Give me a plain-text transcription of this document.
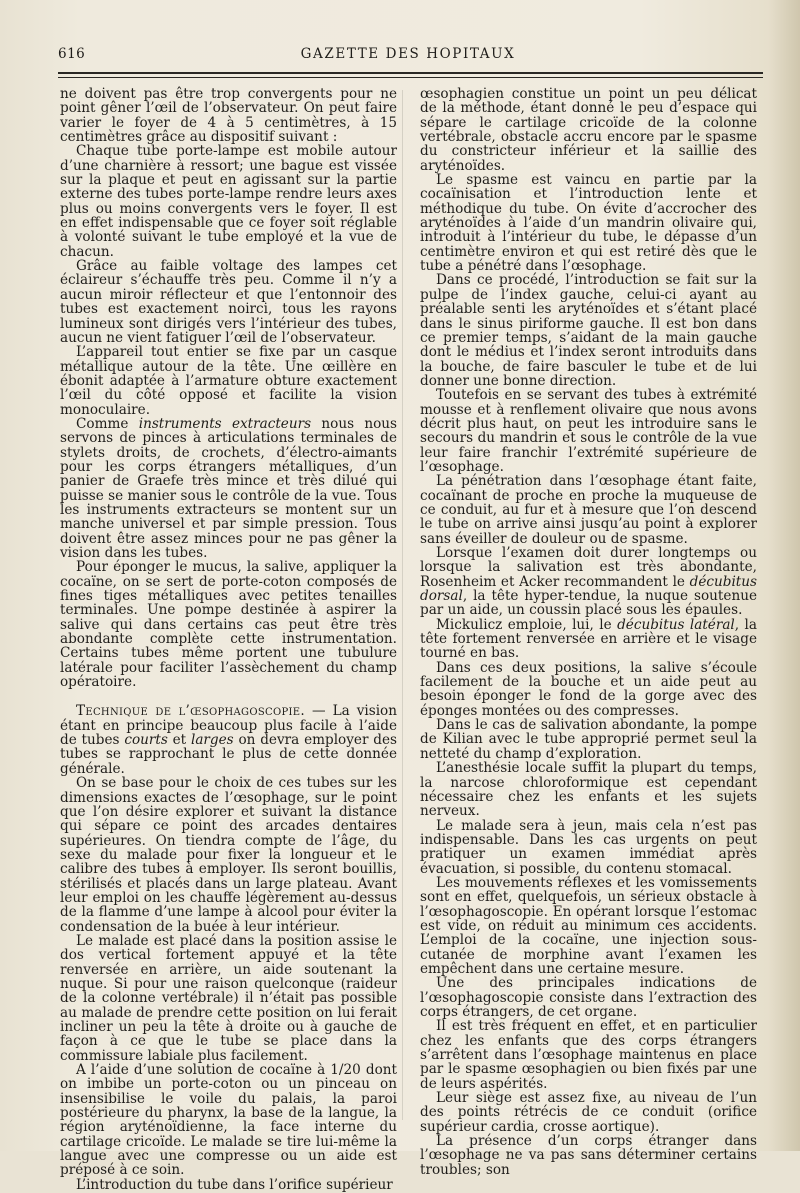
616	GAZETTE DES HOPITAUX

ne doivent pas être trop convergents pour ne point gêner l’œil de l’observateur. On peut faire varier le foyer de 4 à 5 centimètres, à 15 centimètres grâce au dispositif suivant :

Chaque tube porte-lampe est mobile autour d’une charnière à ressort; une bague est vissée sur la plaque et peut en agissant sur la partie externe des tubes porte-lampe rendre leurs axes plus ou moins convergents vers le foyer. Il est en effet indispensable que ce foyer soit réglable à volonté suivant le tube employé et la vue de chacun.

Grâce au faible voltage des lampes cet éclaireur s’échauffe très peu. Comme il n’y a aucun miroir réflecteur et que l’entonnoir des tubes est exactement noirci, tous les rayons lumineux sont dirigés vers l’intérieur des tubes, aucun ne vient fatiguer l’œil de l’observateur.

L’appareil tout entier se fixe par un casque métallique autour de la tête. Une œillère en ébonit adaptée à l’armature obture exactement l’œil du côté opposé et facilite la vision monoculaire.

Comme instruments extracteurs nous nous servons de pinces à articulations terminales de stylets droits, de crochets, d’électro-aimants pour les corps étrangers métalliques, d’un panier de Graefe très mince et très dilué qui puisse se manier sous le contrôle de la vue. Tous les instruments extracteurs se montent sur un manche universel et par simple pression. Tous doivent être assez minces pour ne pas gêner la vision dans les tubes.

Pour éponger le mucus, la salive, appliquer la cocaïne, on se sert de porte-coton composés de fines tiges métalliques avec petites tenailles terminales. Une pompe destinée à aspirer la salive qui dans certains cas peut être très abondante complète cette instrumentation. Certains tubes même portent une tubulure latérale pour faciliter l’assèchement du champ opératoire.

Technique de l’œsophagoscopie. — La vision étant en principe beaucoup plus facile à l’aide de tubes courts et larges on devra employer des tubes se rapprochant le plus de cette donnée générale.

On se base pour le choix de ces tubes sur les dimensions exactes de l’œsophage, sur le point que l’on désire explorer et suivant la distance qui sépare ce point des arcades dentaires supérieures. On tiendra compte de l’âge, du sexe du malade pour fixer la longueur et le calibre des tubes à employer. Ils seront bouillis, stérilisés et placés dans un large plateau. Avant leur emploi on les chauffe légèrement au-dessus de la flamme d’une lampe à alcool pour éviter la condensation de la buée à leur intérieur.

Le malade est placé dans la position assise le dos vertical fortement appuyé et la tête renversée en arrière, un aide soutenant la nuque. Si pour une raison quelconque (raideur de la colonne vertébrale) il n’était pas possible au malade de prendre cette position on lui ferait incliner un peu la tête à droite ou à gauche de façon à ce que le tube se place dans la commissure labiale plus facilement.

A l’aide d’une solution de cocaïne à 1/20 dont on imbibe un porte-coton ou un pinceau on insensibilise le voile du palais, la paroi postérieure du pharynx, la base de la langue, la région aryténoïdienne, la face interne du cartilage cricoïde. Le malade se tire lui-même la langue avec une compresse ou un aide est préposé à ce soin.

L’introduction du tube dans l’orifice supérieur

œsophagien constitue un point un peu délicat de la méthode, étant donné le peu d’espace qui sépare le cartilage cricoïde de la colonne vertébrale, obstacle accru encore par le spasme du constricteur inférieur et la saillie des aryténoïdes.

Le spasme est vaincu en partie par la cocaïnisation et l’introduction lente et méthodique du tube. On évite d’accrocher des aryténoïdes à l’aide d’un mandrin olivaire qui, introduit à l’intérieur du tube, le dépasse d’un centimètre environ et qui est retiré dès que le tube a pénétré dans l’œsophage.

Dans ce procédé, l’introduction se fait sur la pulpe de l’index gauche, celui-ci ayant au préalable senti les aryténoïdes et s’étant placé dans le sinus piriforme gauche. Il est bon dans ce premier temps, s’aidant de la main gauche dont le médius et l’index seront introduits dans la bouche, de faire basculer le tube et de lui donner une bonne direction.

Toutefois en se servant des tubes à extrémité mousse et à renflement olivaire que nous avons décrit plus haut, on peut les introduire sans le secours du mandrin et sous le contrôle de la vue leur faire franchir l’extrémité supérieure de l’œsophage.

La pénétration dans l’œsophage étant faite, cocaïnant de proche en proche la muqueuse de ce conduit, au fur et à mesure que l’on descend le tube on arrive ainsi jusqu’au point à explorer sans éveiller de douleur ou de spasme.

Lorsque l’examen doit durer longtemps ou lorsque la salivation est très abondante, Rosenheim et Acker recommandent le décubitus dorsal, la tête hyper-tendue, la nuque soutenue par un aide, un coussin placé sous les épaules.

Mickulicz emploie, lui, le décubitus latéral, la tête fortement renversée en arrière et le visage tourné en bas.

Dans ces deux positions, la salive s’écoule facilement de la bouche et un aide peut au besoin éponger le fond de la gorge avec des éponges montées ou des compresses.

Dans le cas de salivation abondante, la pompe de Kilian avec le tube approprié permet seul la netteté du champ d’exploration.

L’anesthésie locale suffit la plupart du temps, la narcose chloroformique est cependant nécessaire chez les enfants et les sujets nerveux.

Le malade sera à jeun, mais cela n’est pas indispensable. Dans les cas urgents on peut pratiquer un examen immédiat après évacuation, si possible, du contenu stomacal.

Les mouvements réflexes et les vomissements sont en effet, quelquefois, un sérieux obstacle à l’œsophagoscopie. En opérant lorsque l’estomac est vide, on réduit au minimum ces accidents. L’emploi de la cocaïne, une injection sous-cutanée de morphine avant l’examen les empêchent dans une certaine mesure.

Une des principales indications de l’œsophagoscopie consiste dans l’extraction des corps étrangers, de cet organe.

Il est très fréquent en effet, et en particulier chez les enfants que des corps étrangers s’arrêtent dans l’œsophage maintenus en place par le spasme œsophagien ou bien fixés par une de leurs aspérités.

Leur siège est assez fixe, au niveau de l’un des points rétrécis de ce conduit (orifice supérieur cardia, crosse aortique).

La présence d’un corps étranger dans l’œsophage ne va pas sans déterminer certains troubles; son
